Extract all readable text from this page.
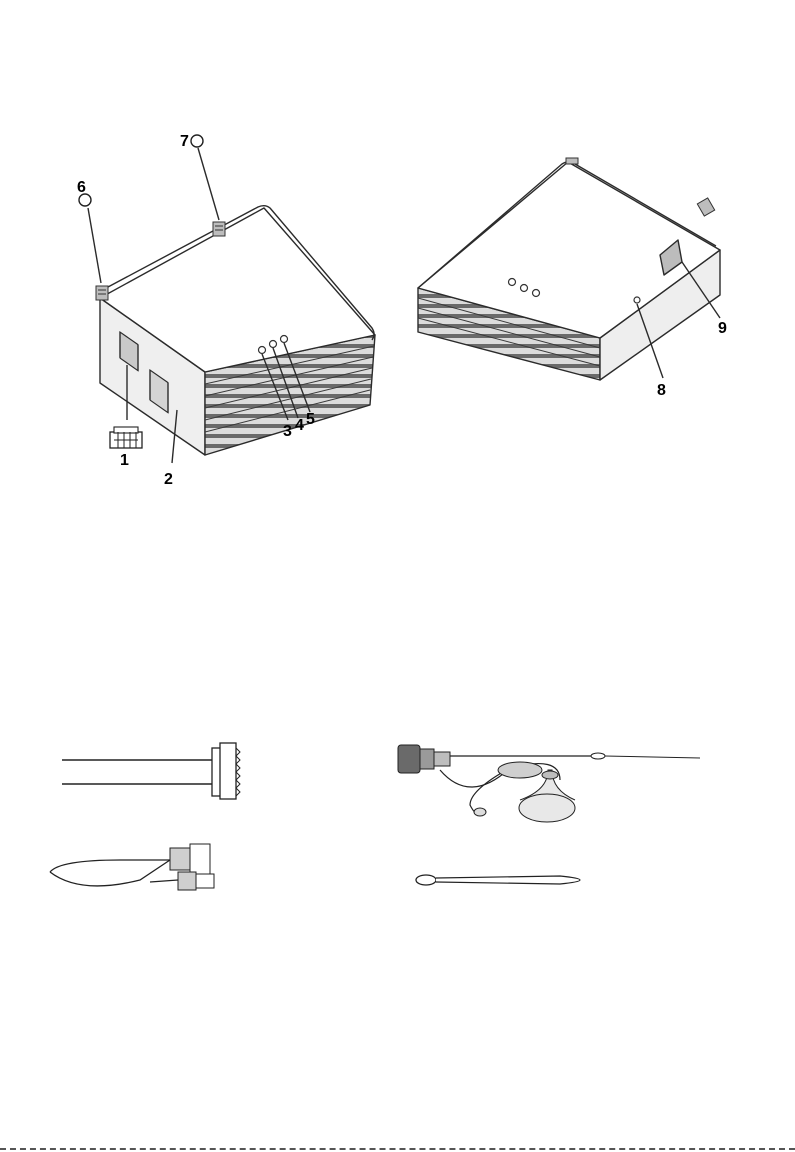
1
2
3 4 5
6
7
8
9
